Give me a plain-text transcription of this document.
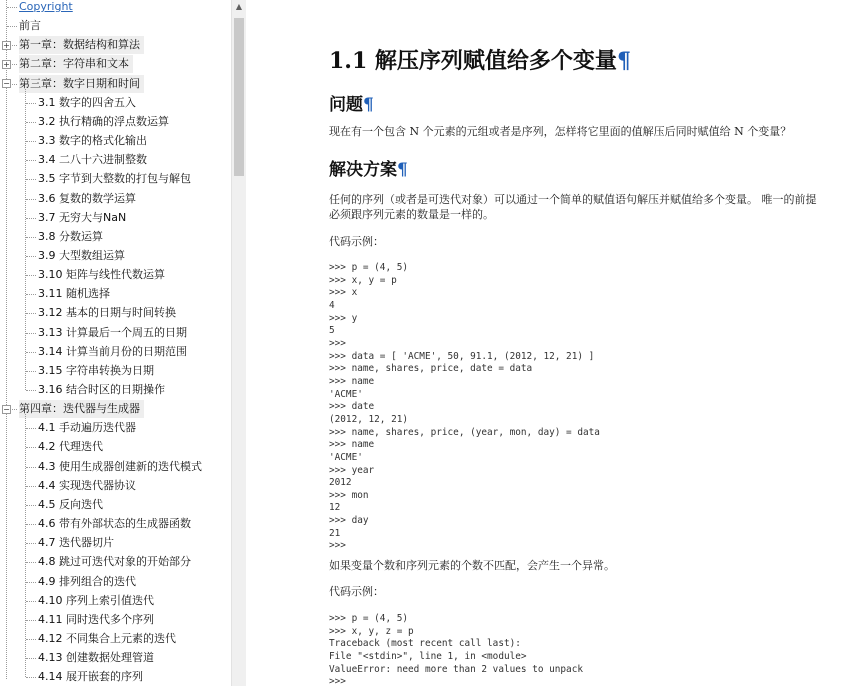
Copyright
前言
+ 第一章：数据结构和算法
+ 第二章：字符串和文本
− 第三章：数字日期和时间
3.1 数字的四舍五入
3.2 执行精确的浮点数运算
3.3 数字的格式化输出
3.4 二八十六进制整数
3.5 字节到大整数的打包与解包
3.6 复数的数学运算
3.7 无穷大与NaN
3.8 分数运算
3.9 大型数组运算
3.10 矩阵与线性代数运算
3.11 随机选择
3.12 基本的日期与时间转换
3.13 计算最后一个周五的日期
3.14 计算当前月份的日期范围
3.15 字符串转换为日期
3.16 结合时区的日期操作
− 第四章：迭代器与生成器
4.1 手动遍历迭代器
4.2 代理迭代
4.3 使用生成器创建新的迭代模式
4.4 实现迭代器协议
4.5 反向迭代
4.6 带有外部状态的生成器函数
4.7 迭代器切片
4.8 跳过可迭代对象的开始部分
4.9 排列组合的迭代
4.10 序列上索引值迭代
4.11 同时迭代多个序列
4.12 不同集合上元素的迭代
4.13 创建数据处理管道
4.14 展开嵌套的序列
▲
1.1 解压序列赋值给多个变量¶
问题¶
现在有一个包含 N 个元素的元组或者是序列，怎样将它里面的值解压后同时赋值给 N 个变量？
解决方案¶
任何的序列（或者是可迭代对象）可以通过一个简单的赋值语句解压并赋值给多个变量。 唯一的前提
必须跟序列元素的数量是一样的。
代码示例：
>>> p = (4, 5)
>>> x, y = p
>>> x
4
>>> y
5
>>>
>>> data = [ 'ACME', 50, 91.1, (2012, 12, 21) ]
>>> name, shares, price, date = data
>>> name
'ACME'
>>> date
(2012, 12, 21)
>>> name, shares, price, (year, mon, day) = data
>>> name
'ACME'
>>> year
2012
>>> mon
12
>>> day
21
>>>
如果变量个数和序列元素的个数不匹配，会产生一个异常。
代码示例：
>>> p = (4, 5)
>>> x, y, z = p
Traceback (most recent call last):
File "<stdin>", line 1, in <module>
ValueError: need more than 2 values to unpack
>>>
